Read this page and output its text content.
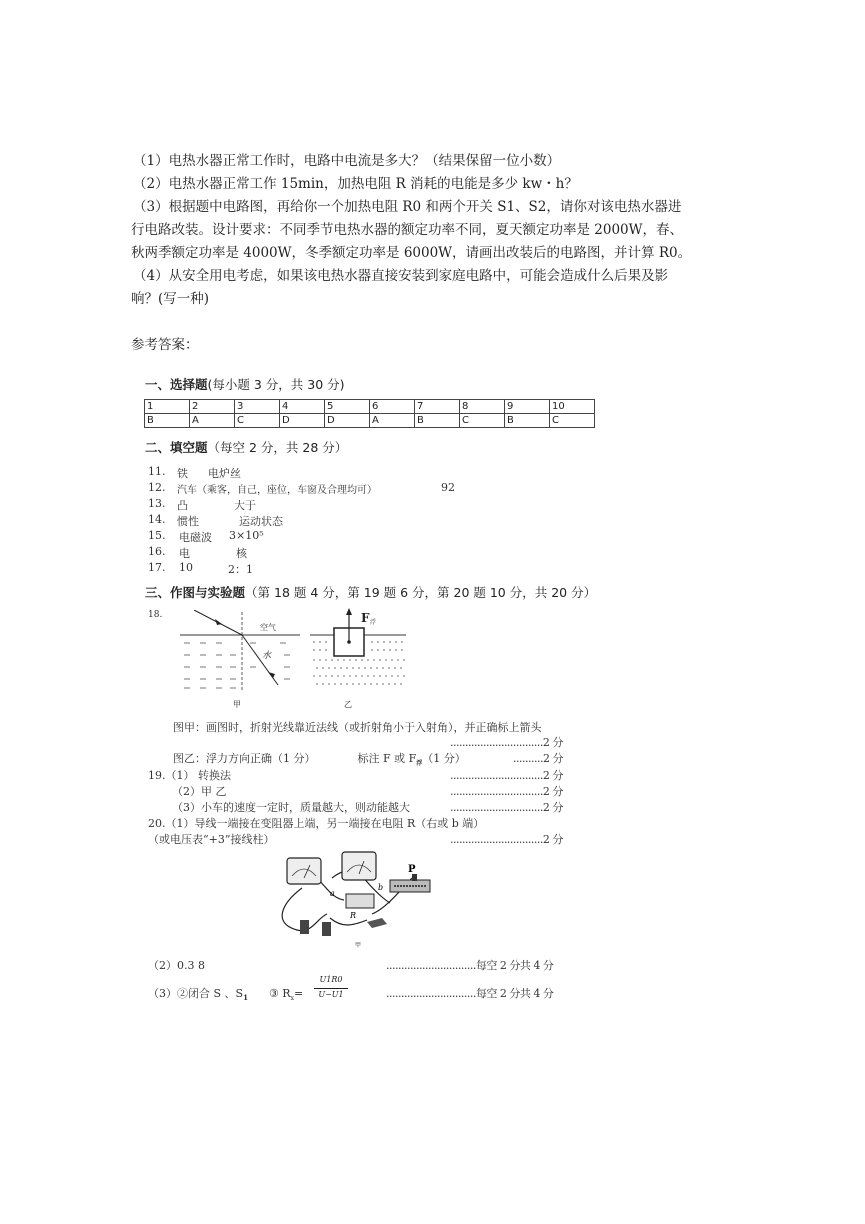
（1）电热水器正常工作时，电路中电流是多大？（结果保留一位小数）
（2）电热水器正常工作 15min，加热电阻 R 消耗的电能是多少 kw・h？
（3）根据题中电路图，再给你一个加热电阻 R0 和两个开关 S1、S2，请你对该电热水器进
行电路改装。设计要求：不同季节电热水器的额定功率不同，夏天额定功率是 2000W，春、
秋两季额定功率是 4000W，冬季额定功率是 6000W，请画出改装后的电路图，并计算 R0。
（4）从安全用电考虑，如果该电热水器直接安装到家庭电路中，可能会造成什么后果及影
响？(写一种)
参考答案：
一、选择题(每小题 3 分，共 30 分)
1	2	3	4	5	6	7	8	9	10
B	A	C	D	D	A	B	C	B	C
二、填空题（每空 2 分，共 28 分）
11. 铁 电炉丝
12. 汽车（乘客，自己，座位，车窗及合理均可）	92
13. 凸	大于
14. 惯性	运动状态
15. 电磁波 3×10⁵
16. 电	核
17. 10	2：1
三、作图与实验题（第 18 题 4 分，第 19 题 6 分，第 20 题 10 分，共 20 分）
18.
空气
水
F 浮
甲	乙
图甲：画图时，折射光线靠近法线（或折射角小于入射角），并正确标上箭头
...............................2 分
图乙：浮力方向正确（1 分）	标注 F 或 $F_浮(1$ 分）	..........2 分
19.（1） 转换法	...............................2 分
（2）甲 乙	...............................2 分
（3）小车的速度一定时，质量越大，则动能越大	...............................2 分
20.（1）导线一端接在变阻器上端，另一端接在电阻 R（右或 b 端）
（或电压表“+3”接线柱）	...............................2 分
a
b
R
P
甲
（2）0.3 8	..............................每空 2 分共 4 分
（3）②闭合 S 、$S_1$ ③ $R_x=$
U1R0
U−U1	..............................每空 2 分共 4 分
